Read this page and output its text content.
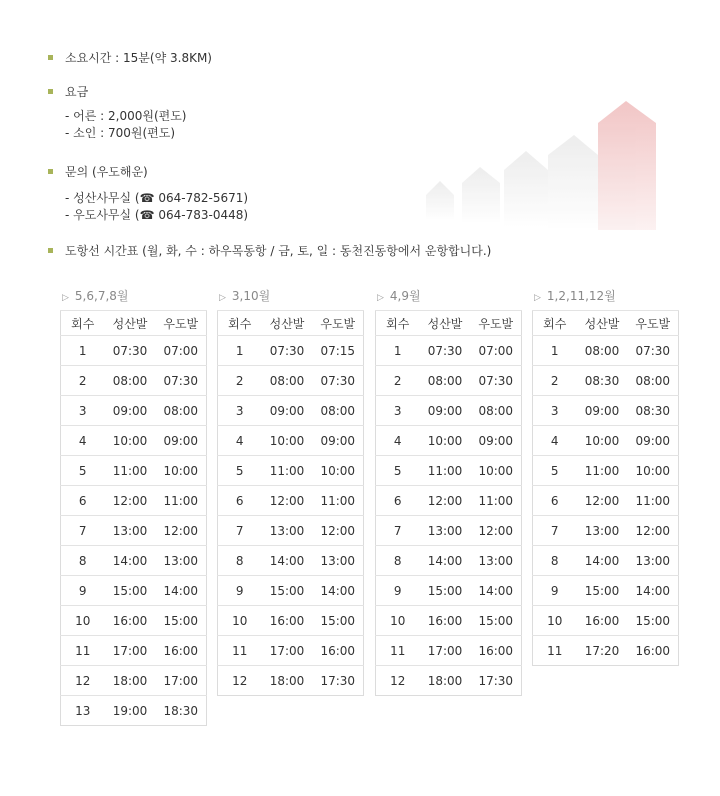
소요시간 : 15분(약 3.8KM)
요금
- 어른 : 2,000원(편도)
- 소인 : 700원(편도)
문의 (우도해운)
- 성산사무실 (☎ 064-782-5671)
- 우도사무실 (☎ 064-783-0448)
도항선 시간표 (월, 화, 수 : 하우목동항 / 금, 토, 일 : 동천진동항에서 운항합니다.)
▷ 5,6,7,8월
회수	성산발	우도발
1	07:30	07:00
2	08:00	07:30
3	09:00	08:00
4	10:00	09:00
5	11:00	10:00
6	12:00	11:00
7	13:00	12:00
8	14:00	13:00
9	15:00	14:00
10	16:00	15:00
11	17:00	16:00
12	18:00	17:00
13	19:00	18:30
▷ 3,10월
회수	성산발	우도발
1	07:30	07:15
2	08:00	07:30
3	09:00	08:00
4	10:00	09:00
5	11:00	10:00
6	12:00	11:00
7	13:00	12:00
8	14:00	13:00
9	15:00	14:00
10	16:00	15:00
11	17:00	16:00
12	18:00	17:30
▷ 4,9월
회수	성산발	우도발
1	07:30	07:00
2	08:00	07:30
3	09:00	08:00
4	10:00	09:00
5	11:00	10:00
6	12:00	11:00
7	13:00	12:00
8	14:00	13:00
9	15:00	14:00
10	16:00	15:00
11	17:00	16:00
12	18:00	17:30
▷ 1,2,11,12월
회수	성산발	우도발
1	08:00	07:30
2	08:30	08:00
3	09:00	08:30
4	10:00	09:00
5	11:00	10:00
6	12:00	11:00
7	13:00	12:00
8	14:00	13:00
9	15:00	14:00
10	16:00	15:00
11	17:20	16:00
